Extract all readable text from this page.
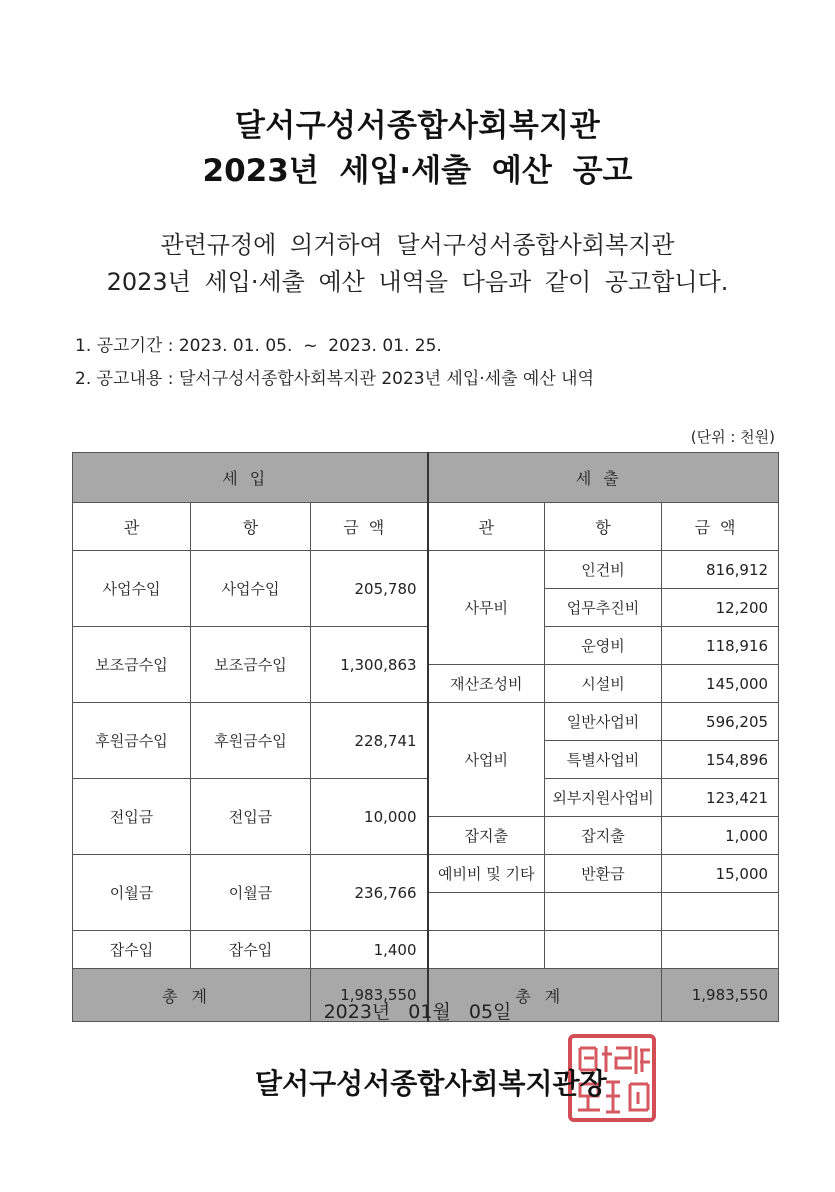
달서구성서종합사회복지관
2023년 세입·세출 예산 공고
관련규정에 의거하여 달서구성서종합사회복지관
2023년 세입·세출 예산 내역을 다음과 같이 공고합니다.
1. 공고기간 : 2023. 01. 05.  ~  2023. 01. 25.
2. 공고내용 : 달서구성서종합사회복지관 2023년 세입·세출 예산 내역
(단위 : 천원)
세입			세출		
관	항	금액	관	항	금액
사업수입	사업수입	205,780	사무비	인건비	816,912
				업무추진비	12,200
보조금수입	보조금수입	1,300,863		운영비	118,916
			재산조성비	시설비	145,000
후원금수입	후원금수입	228,741	사업비	일반사업비	596,205
				특별사업비	154,896
전입금	전입금	10,000		외부지원사업비	123,421
			잡지출	잡지출	1,000
이월금	이월금	236,766	예비비 및 기타	반환금	15,000

잡수입	잡수입	1,400			
총계		1,983,550	총계		1,983,550
2023년 01월 05일
달서구성서종합사회복지관장
